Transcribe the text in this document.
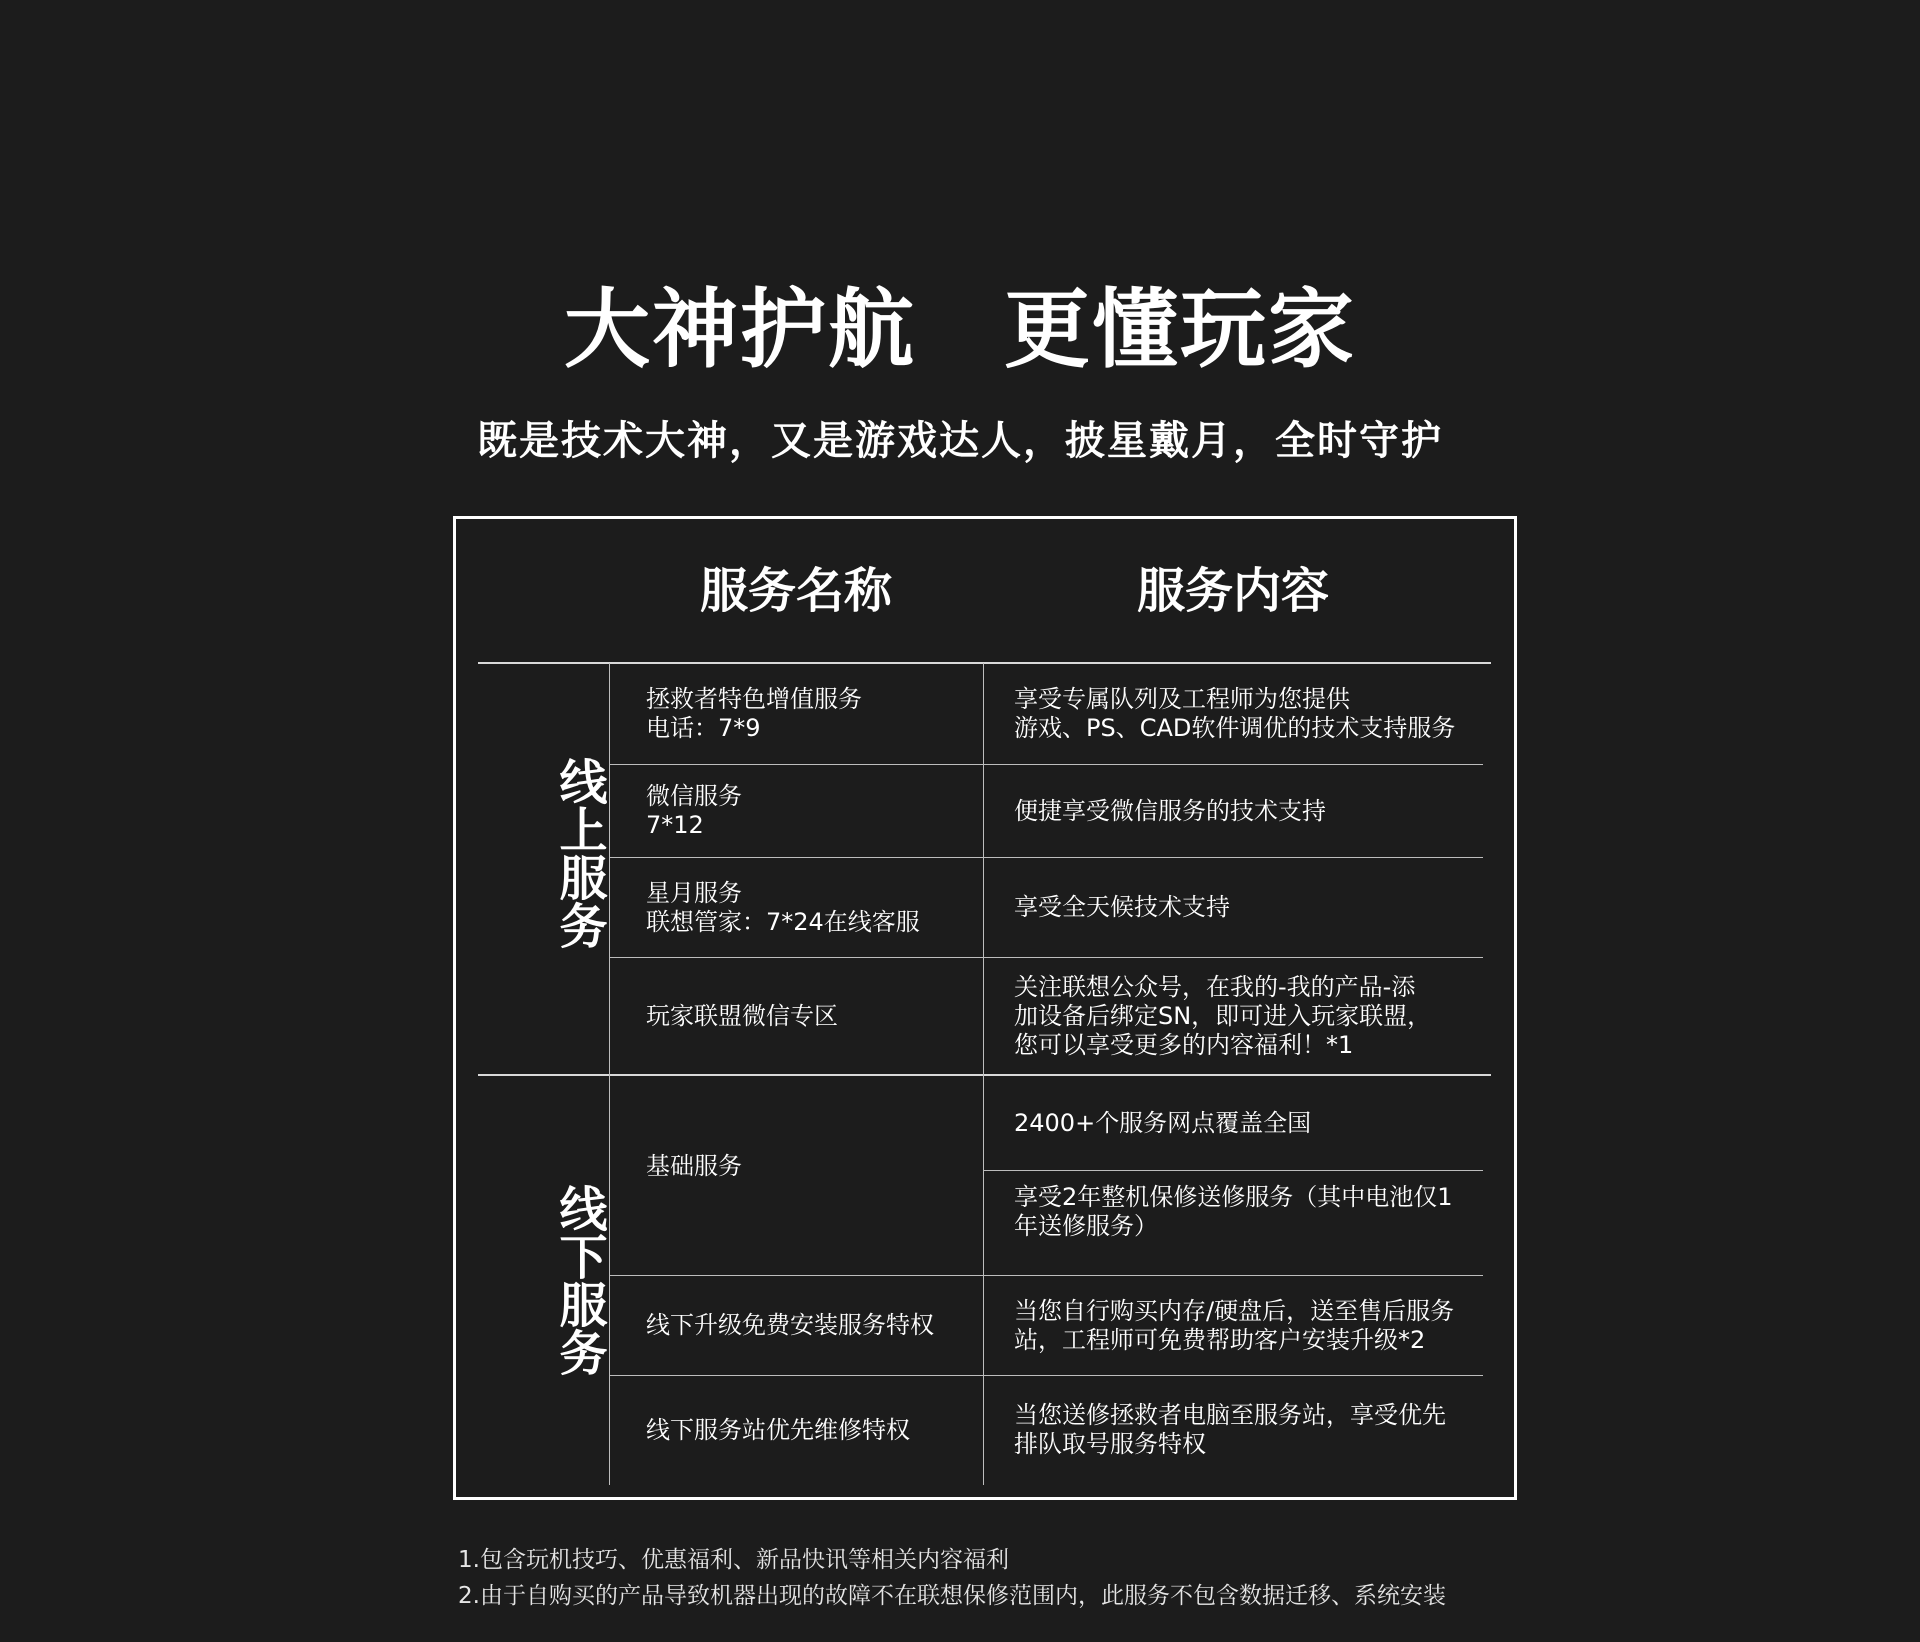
大神护航　更懂玩家
既是技术大神，又是游戏达人，披星戴月，全时守护
服务名称	服务内容
线上服务
线下服务
拯救者特色增值服务
电话：7*9
享受专属队列及工程师为您提供
游戏、PS、CAD软件调优的技术支持服务
微信服务
7*12
便捷享受微信服务的技术支持
星月服务
联想管家：7*24在线客服
享受全天候技术支持
玩家联盟微信专区
关注联想公众号，在我的-我的产品-添
加设备后绑定SN，即可进入玩家联盟，
您可以享受更多的内容福利！*1
基础服务
2400+个服务网点覆盖全国
享受2年整机保修送修服务（其中电池仅1
年送修服务）
线下升级免费安装服务特权
当您自行购买内存/硬盘后，送至售后服务
站，工程师可免费帮助客户安装升级*2
线下服务站优先维修特权
当您送修拯救者电脑至服务站，享受优先
排队取号服务特权
1.包含玩机技巧、优惠福利、新品快讯等相关内容福利
2.由于自购买的产品导致机器出现的故障不在联想保修范围内，此服务不包含数据迁移、系统安装
